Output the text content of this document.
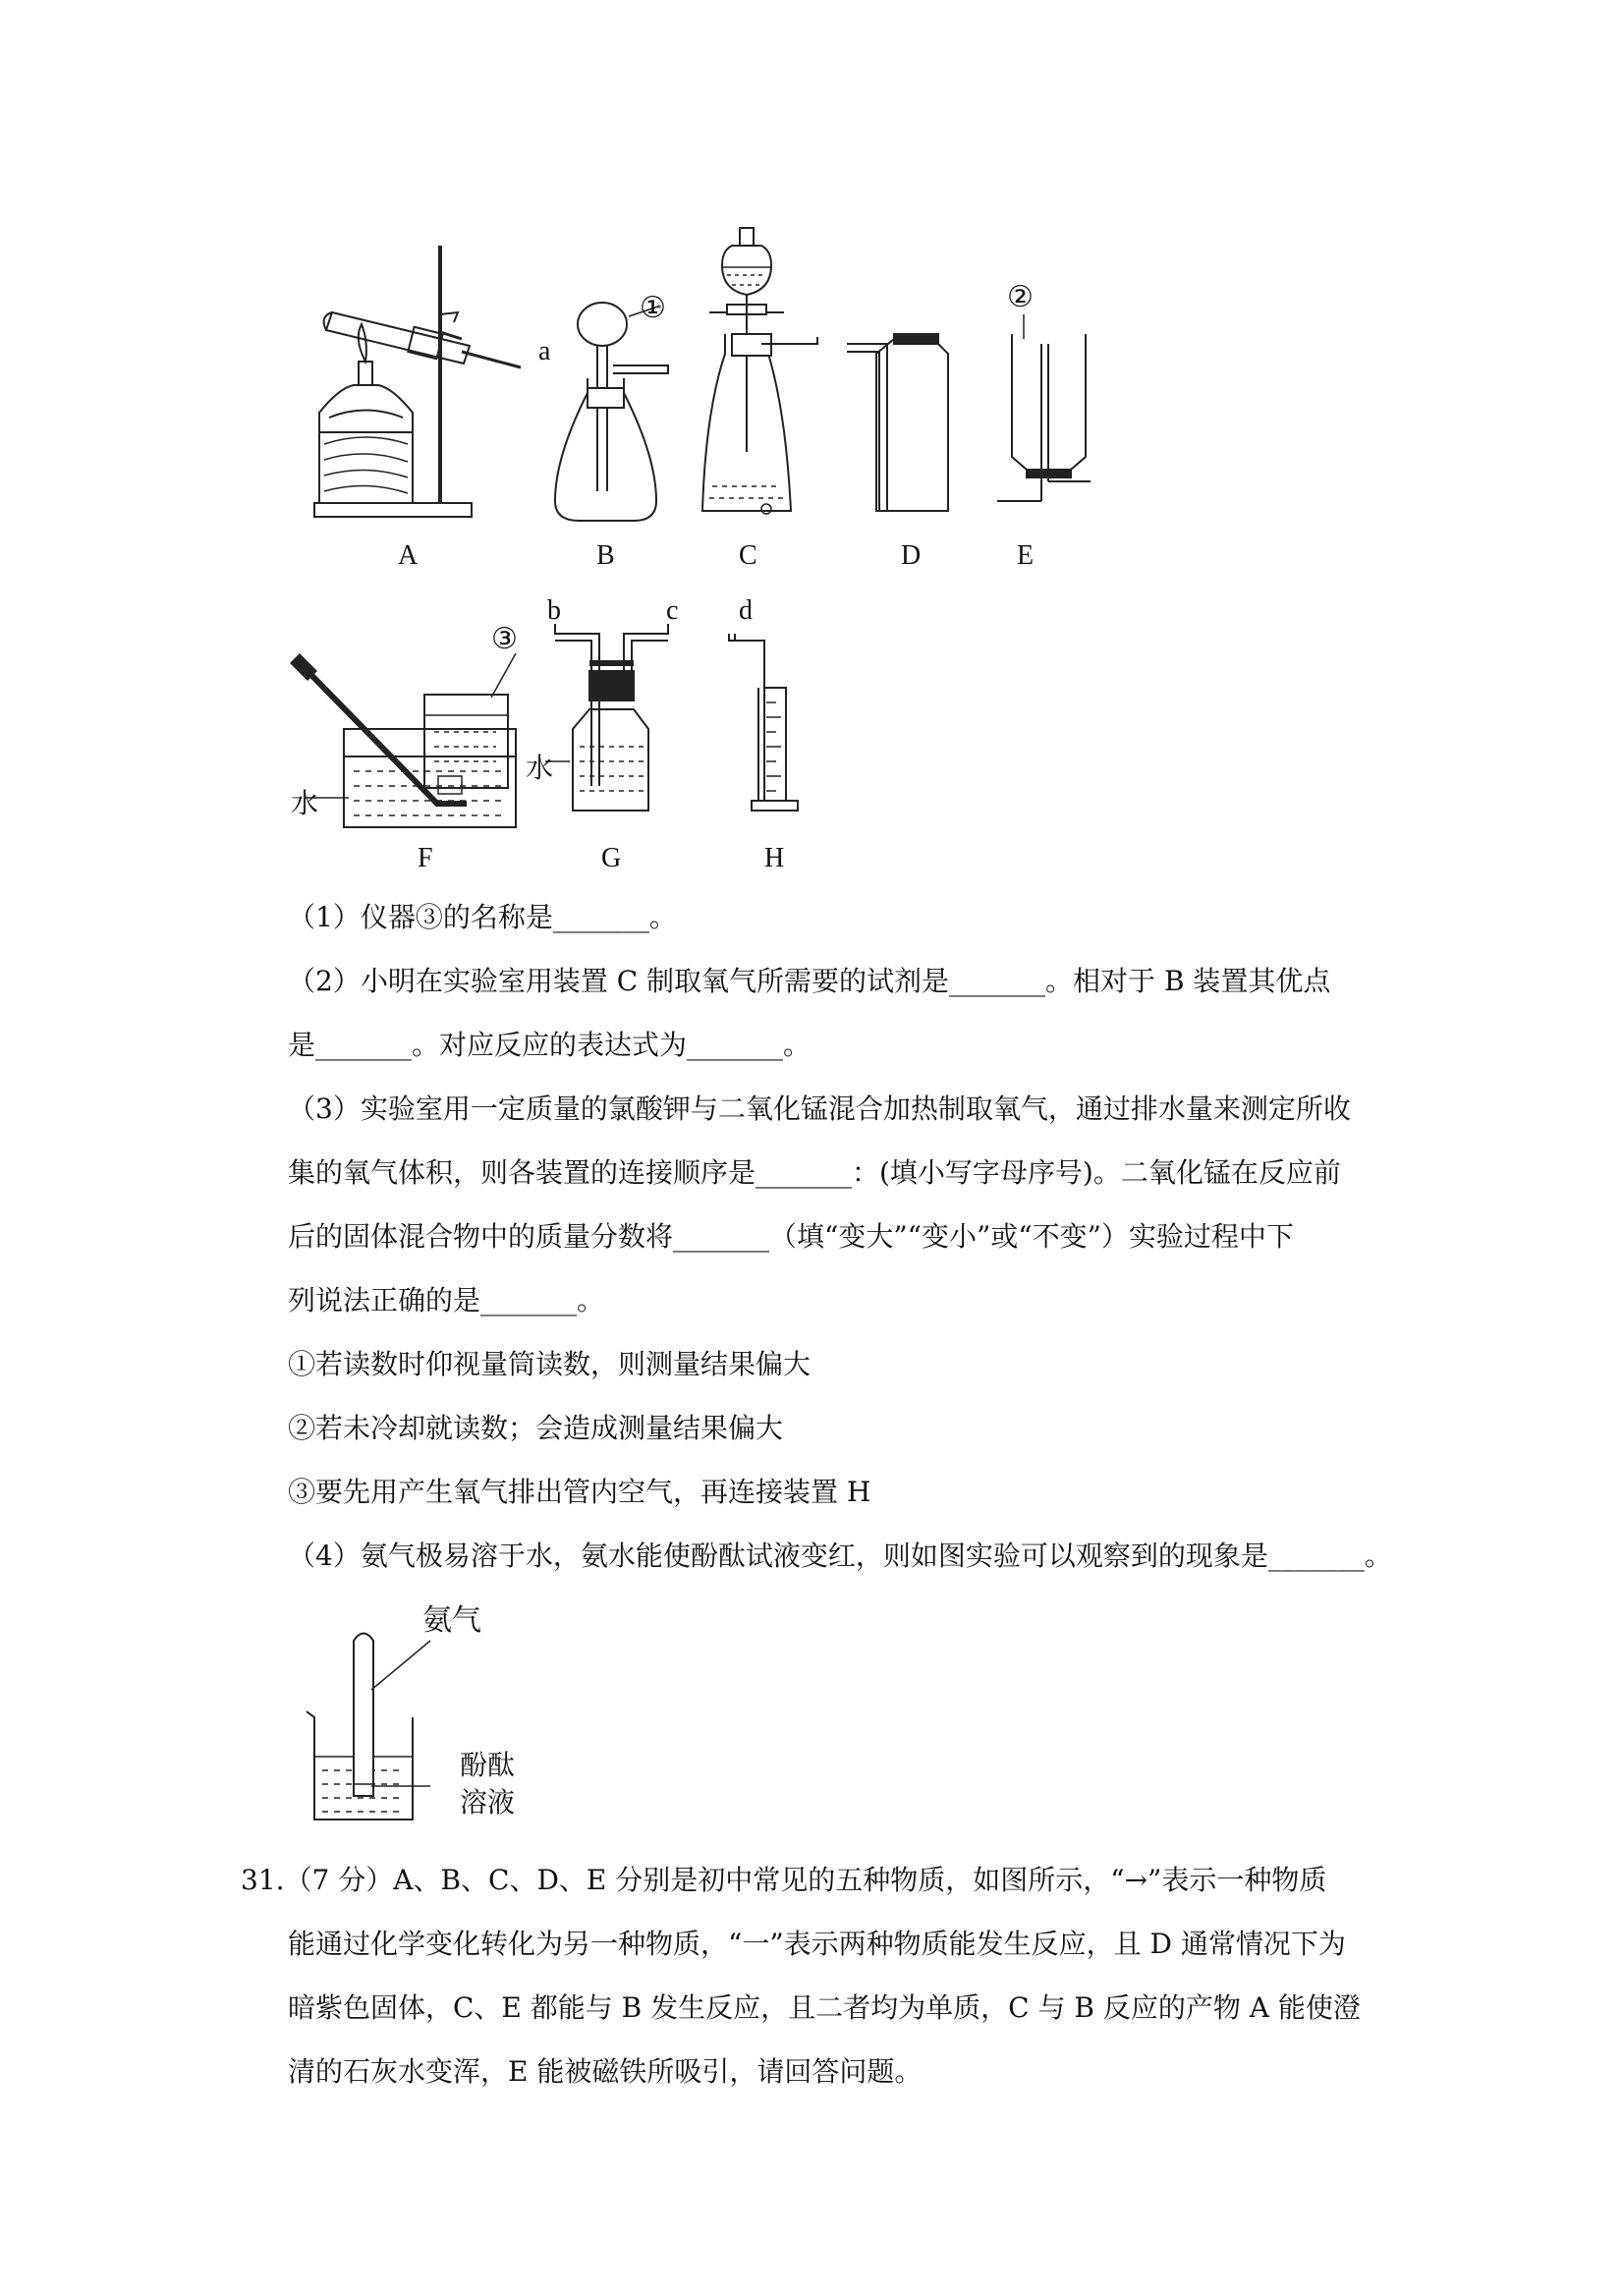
A	B	C	D	E
F	G	H
①
a
②
③
b	c d
水
水
（1）仪器③的名称是_______。
（2）小明在实验室用装置 C 制取氧气所需要的试剂是_______。相对于 B 装置其优点
是_______。对应反应的表达式为_______。
（3）实验室用一定质量的氯酸钾与二氧化锰混合加热制取氧气，通过排水量来测定所收
集的氧气体积，则各装置的连接顺序是_______：(填小写字母序号)。二氧化锰在反应前
后的固体混合物中的质量分数将_______（填“变大”“变小”或“不变”）实验过程中下
列说法正确的是_______。
①若读数时仰视量筒读数，则测量结果偏大
②若未冷却就读数；会造成测量结果偏大
③要先用产生氧气排出管内空气，再连接装置 H
（4）氨气极易溶于水，氨水能使酚酞试液变红，则如图实验可以观察到的现象是_______。
氨气
酚酞
溶液
31.（7 分）A、B、C、D、E 分别是初中常见的五种物质，如图所示，“→”表示一种物质
能通过化学变化转化为另一种物质，“一”表示两种物质能发生反应，且 D 通常情况下为
暗紫色固体，C、E 都能与 B 发生反应，且二者均为单质，C 与 B 反应的产物 A 能使澄
清的石灰水变浑，E 能被磁铁所吸引，请回答问题。
